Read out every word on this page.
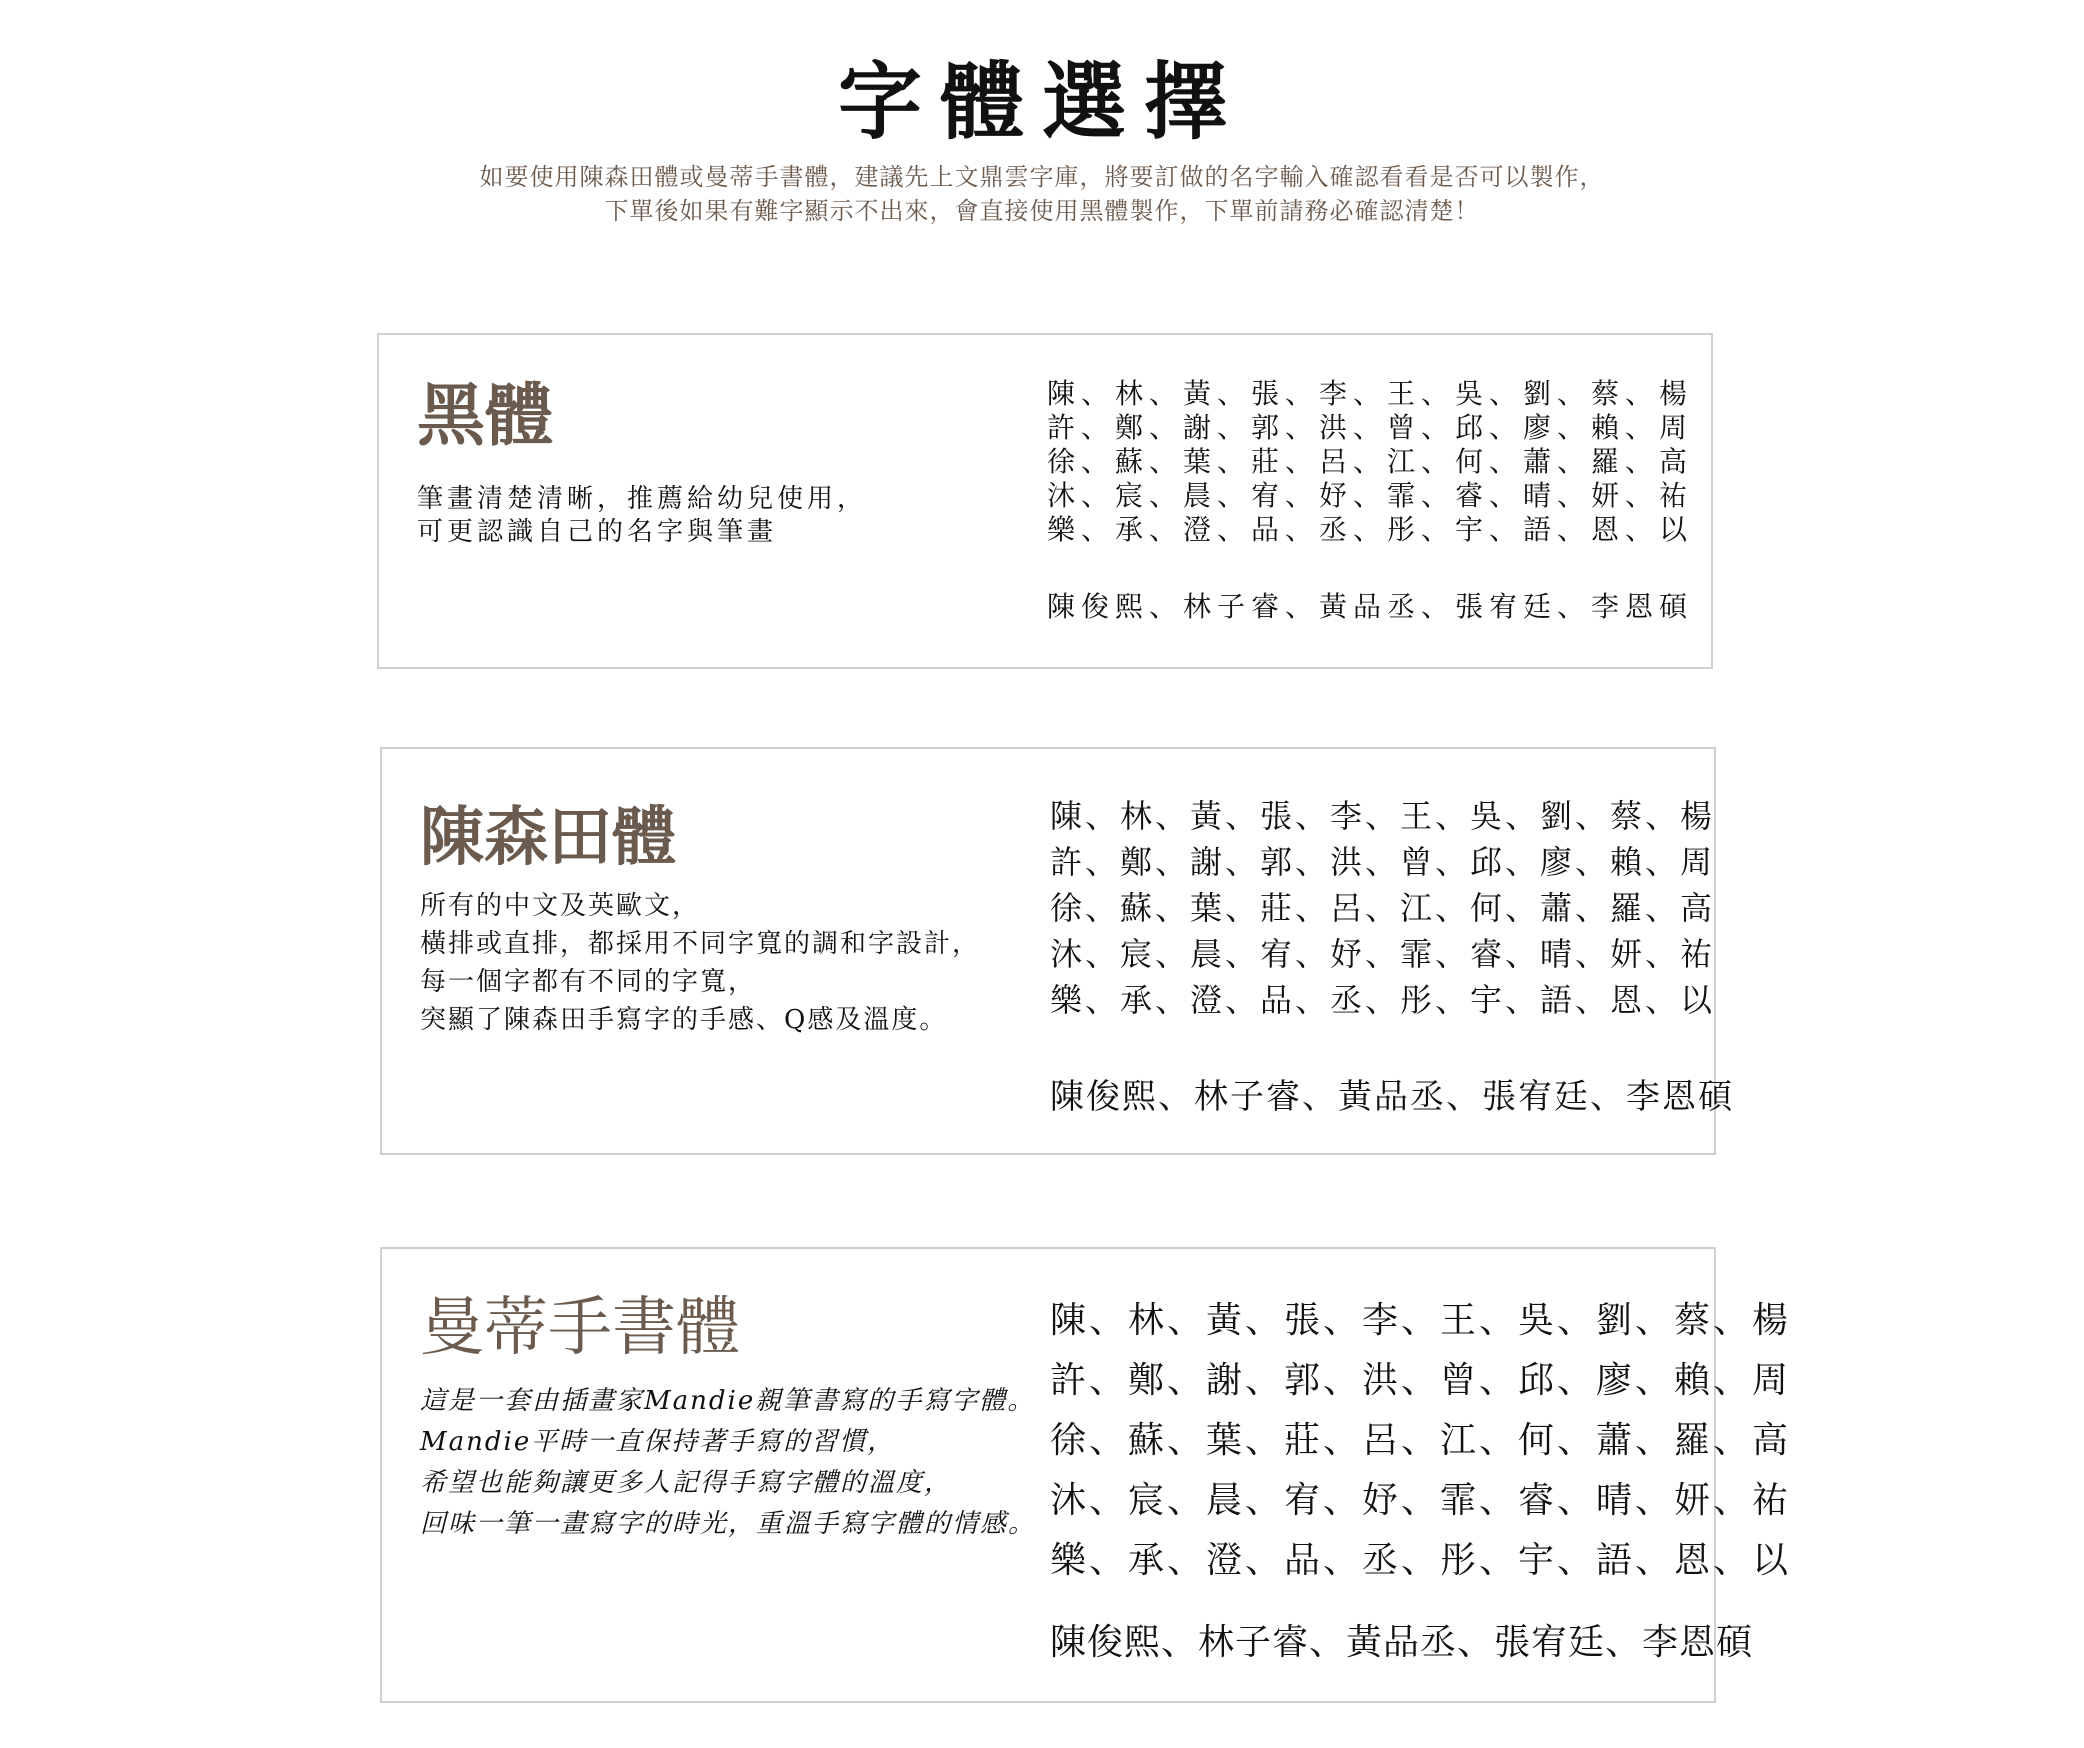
字體選擇
如要使用陳森田體或曼蒂手書體，建議先上文鼎雲字庫，將要訂做的名字輸入確認看看是否可以製作，
下單後如果有難字顯示不出來，會直接使用黑體製作，下單前請務必確認清楚！
黑體
筆畫清楚清晰，推薦給幼兒使用，
可更認識自己的名字與筆畫
陳、林、黃、張、李、王、吳、劉、蔡、楊
許、鄭、謝、郭、洪、曾、邱、廖、賴、周
徐、蘇、葉、莊、呂、江、何、蕭、羅、高
沐、宸、晨、宥、妤、霏、睿、晴、妍、祐
樂、承、澄、品、丞、彤、宇、語、恩、以
陳俊熙、林子睿、黃品丞、張宥廷、李恩碩
陳森田體
所有的中文及英歐文，
橫排或直排，都採用不同字寬的調和字設計，
每一個字都有不同的字寬，
突顯了陳森田手寫字的手感、Q感及溫度。
陳、林、黃、張、李、王、吳、劉、蔡、楊
許、鄭、謝、郭、洪、曾、邱、廖、賴、周
徐、蘇、葉、莊、呂、江、何、蕭、羅、高
沐、宸、晨、宥、妤、霏、睿、晴、妍、祐
樂、承、澄、品、丞、彤、宇、語、恩、以
陳俊熙、林子睿、黃品丞、張宥廷、李恩碩
曼蒂手書體
這是一套由插畫家Mandie親筆書寫的手寫字體。
Mandie平時一直保持著手寫的習慣，
希望也能夠讓更多人記得手寫字體的溫度，
回味一筆一畫寫字的時光，重溫手寫字體的情感。
陳、林、黃、張、李、王、吳、劉、蔡、楊
許、鄭、謝、郭、洪、曾、邱、廖、賴、周
徐、蘇、葉、莊、呂、江、何、蕭、羅、高
沐、宸、晨、宥、妤、霏、睿、晴、妍、祐
樂、承、澄、品、丞、彤、宇、語、恩、以
陳俊熙、林子睿、黃品丞、張宥廷、李恩碩
